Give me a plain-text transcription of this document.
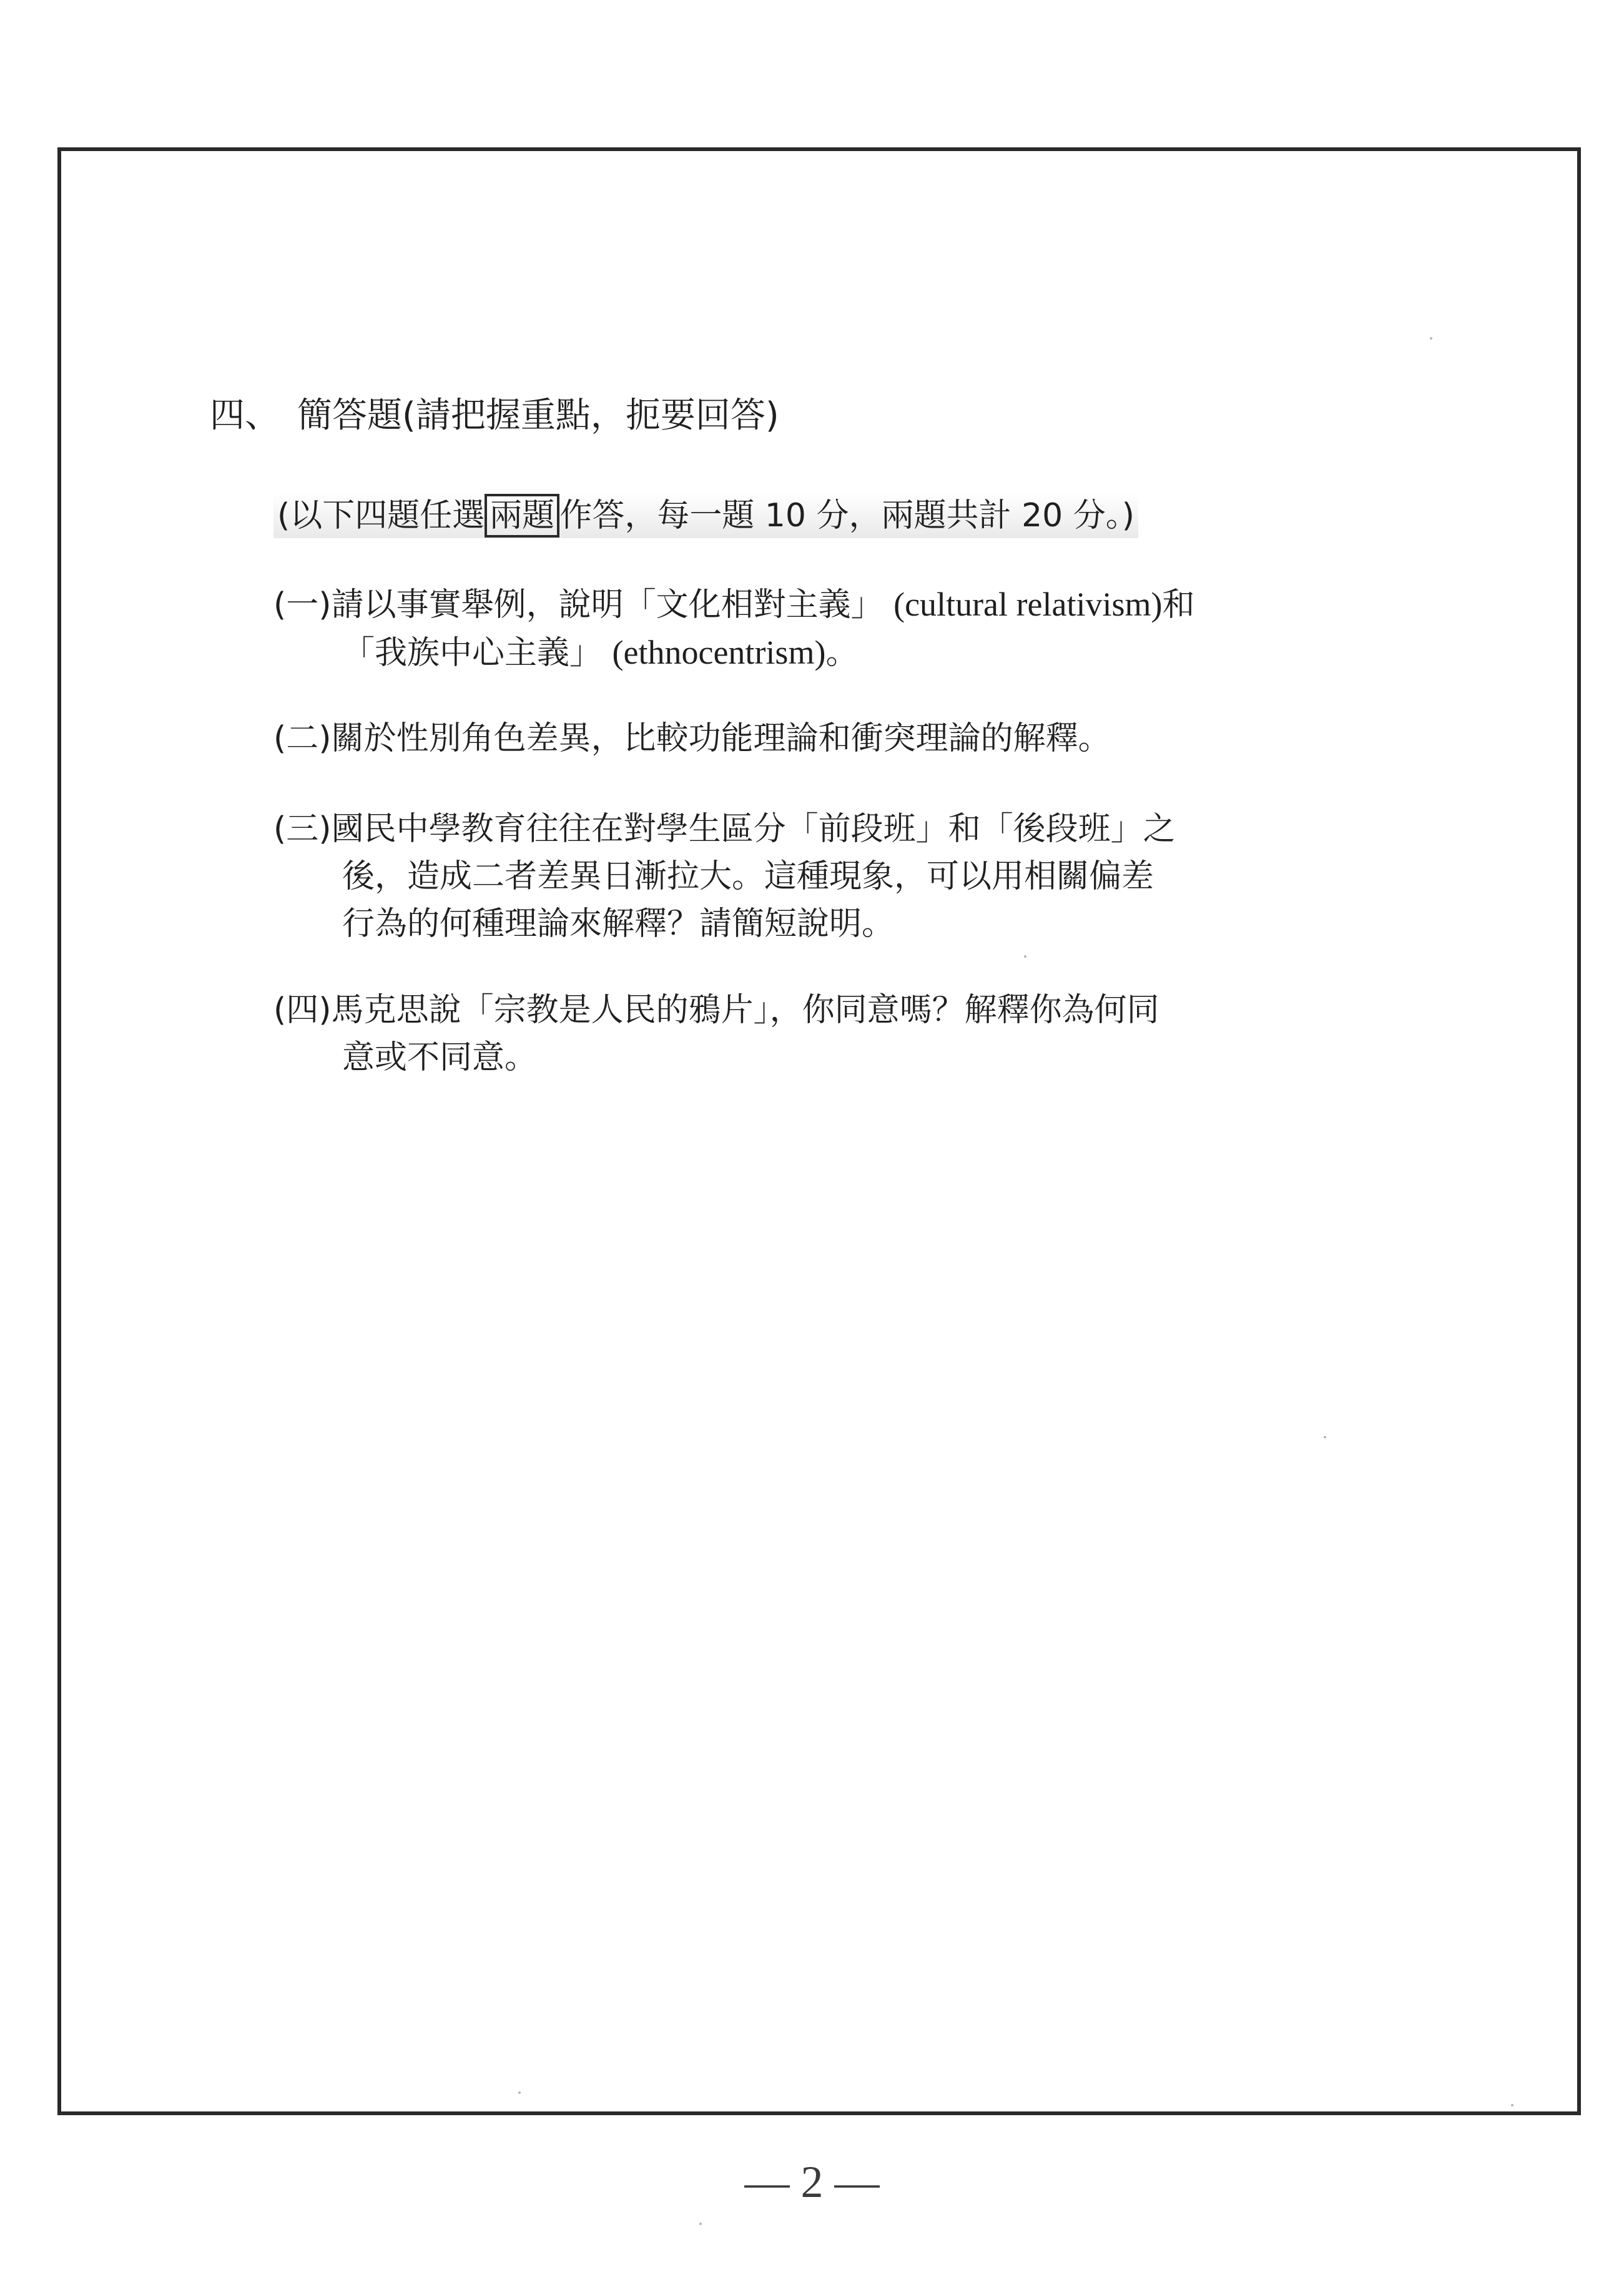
四、 簡答題(請把握重點，扼要回答)
(以下四題任選 兩題 作答，每一題 10 分，兩題共計 20 分。)
(一)請以事實舉例，說明「文化相對主義」 (cultural relativism)和
「我族中心主義」 (ethnocentrism)。
(二)關於性別角色差異，比較功能理論和衝突理論的解釋。
(三)國民中學教育往往在對學生區分「前段班」和「後段班」之
後，造成二者差異日漸拉大。這種現象，可以用相關偏差
行為的何種理論來解釋？請簡短說明。
(四)馬克思說「宗教是人民的鴉片」，你同意嗎？解釋你為何同
意或不同意。
— 2 —
